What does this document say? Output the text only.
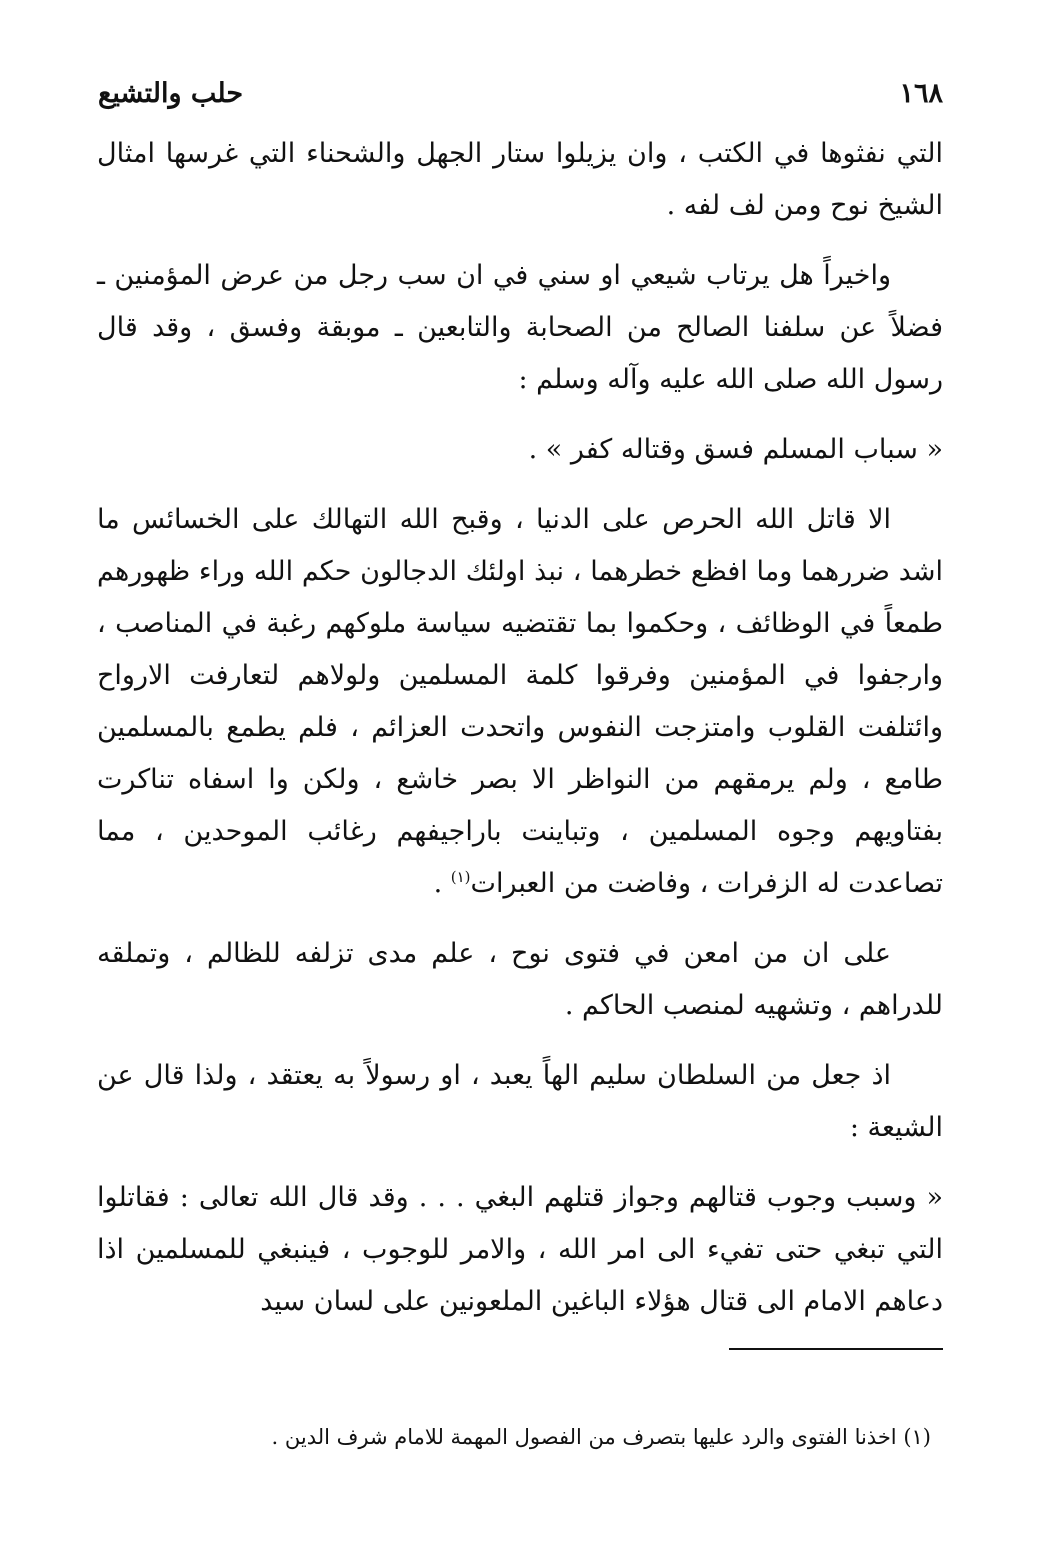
١٦٨
حلب والتشيع

التي نفثوها في الكتب ، وان يزيلوا ستار الجهل والشحناء التي غرسها امثال الشيخ نوح ومن لف لفه .

واخيراً هل يرتاب شيعي او سني في ان سب رجل من عرض المؤمنين ـ فضلاً عن سلفنا الصالح من الصحابة والتابعين ـ موبقة وفسق ، وقد قال رسول الله صلى الله عليه وآله وسلم :

« سباب المسلم فسق وقتاله كفر » .

الا قاتل الله الحرص على الدنيا ، وقبح الله التهالك على الخسائس ما اشد ضررهما وما افظع خطرهما ، نبذ اولئك الدجالون حكم الله وراء ظهورهم طمعاً في الوظائف ، وحكموا بما تقتضيه سياسة ملوكهم رغبة في المناصب ، وارجفوا في المؤمنين وفرقوا كلمة المسلمين ولولاهم لتعارفت الارواح وائتلفت القلوب وامتزجت النفوس واتحدت العزائم ، فلم يطمع بالمسلمين طامع ، ولم يرمقهم من النواظر الا بصر خاشع ، ولكن وا اسفاه تناكرت بفتاويهم وجوه المسلمين ، وتباينت باراجيفهم رغائب الموحدين ، مما تصاعدت له الزفرات ، وفاضت من العبرات$^{(١)}$ .

على ان من امعن في فتوى نوح ، علم مدى تزلفه للظالم ، وتملقه للدراهم ، وتشهيه لمنصب الحاكم .

اذ جعل من السلطان سليم الهاً يعبد ، او رسولاً به يعتقد ، ولذا قال عن الشيعة :

« وسبب وجوب قتالهم وجواز قتلهم البغي . . . وقد قال الله تعالى : فقاتلوا التي تبغي حتى تفيء الى امر الله ، والامر للوجوب ، فينبغي للمسلمين اذا دعاهم الامام الى قتال هؤلاء الباغين الملعونين على لسان سيد

(١) اخذنا الفتوى والرد عليها بتصرف من الفصول المهمة للامام شرف الدين .
